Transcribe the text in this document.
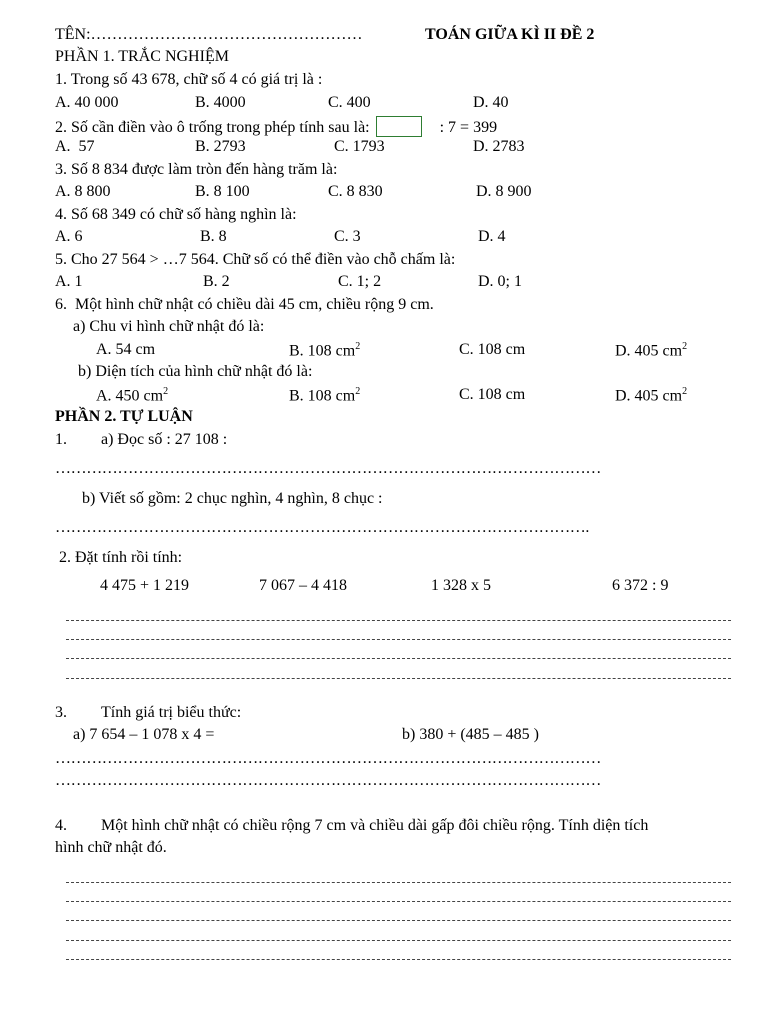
TÊN:……………………………………………	TOÁN GIỮA KÌ II ĐỀ 2
PHẦN 1. TRẮC NGHIỆM
1. Trong số 43 678, chữ số 4 có giá trị là :
A. 40 000	B. 4000	C. 400	D. 40
2. Số cần điền vào ô trống trong phép tính sau là:	: 7 = 399
A.  57	B. 2793	C. 1793	D. 2783
3. Số 8 834 được làm tròn đến hàng trăm là:
A. 8 800	B. 8 100	C. 8 830	D. 8 900
4. Số 68 349 có chữ số hàng nghìn là:
A. 6	B. 8	C. 3	D. 4
5. Cho 27 564 > …7 564. Chữ số có thể điền vào chỗ chấm là:
A. 1	B. 2	C. 1; 2	D. 0; 1
6.  Một hình chữ nhật có chiều dài 45 cm, chiều rộng 9 cm.
a) Chu vi hình chữ nhật đó là:
A. 54 cm	B. 108 $cm^2$	C. 108 cm	D. 405 $cm^2$
b) Diện tích của hình chữ nhật đó là:
A. 450 $cm^2$	B. 108 $cm^2$	C. 108 cm	D. 405 $cm^2$
PHẦN 2. TỰ LUẬN
1. a) Đọc số : 27 108 :
……………………………………………………………………………………………
b) Viết số gồm: 2 chục nghìn, 4 nghìn, 8 chục :
………………………………………………………………………………………….
2. Đặt tính rồi tính:
4 475 + 1 219	7 067 – 4 418	1 328 x 5	6 372 : 9
3. Tính giá trị biểu thức:
a) 7 654 – 1 078 x 4 =	b) 380 + (485 – 485 )
……………………………………………………………………………………………
……………………………………………………………………………………………
4. Một hình chữ nhật có chiều rộng 7 cm và chiều dài gấp đôi chiều rộng. Tính diện tích
hình chữ nhật đó.
